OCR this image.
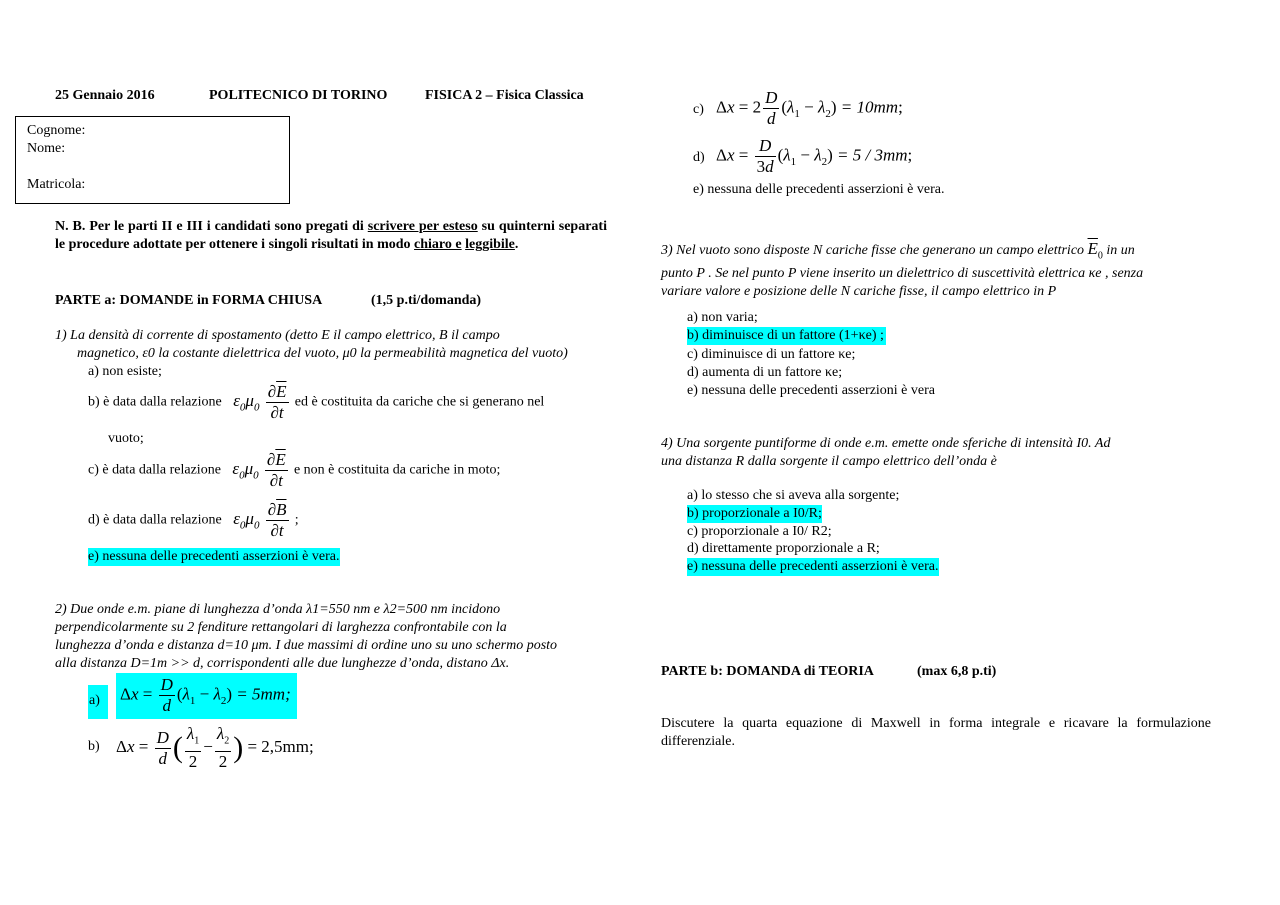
25 Gennaio 2016	POLITECNICO DI TORINO	FISICA 2 – Fisica Classica
Cognome:
Nome:
Matricola:
N. B. Per le parti II e III i candidati sono pregati di scrivere per esteso su quinterni separati le procedure adottate per ottenere i singoli risultati in modo chiaro e leggibile.
PARTE a: DOMANDE in FORMA CHIUSA	(1,5 p.ti/domanda)
1) La densità di corrente di spostamento (detto E il campo elettrico, B il campo
magnetico, ε0 la costante dielettrica del vuoto, μ0 la permeabilità magnetica del vuoto)
a) non esiste;
b) è data dalla relazione $\varepsilon_0\mu_0 \frac{\partial\overline{E}}{\partial t}$ ed è costituita da cariche che si generano nel
vuoto;
c) è data dalla relazione $\varepsilon_0\mu_0 \frac{\partial\overline{E}}{\partial t}$ e non è costituita da cariche in moto;
d) è data dalla relazione $\varepsilon_0\mu_0 \frac{\partial\overline{B}}{\partial t}$ ;
e) nessuna delle precedenti asserzioni è vera.
2) Due onde e.m. piane di lunghezza d’onda λ1=550 nm e λ2=500 nm incidono
perpendicolarmente su 2 fenditure rettangolari di larghezza confrontabile con la
lunghezza d’onda e distanza d=10 μm. I due massimi di ordine uno su uno schermo posto
alla distanza D=1m >> d, corrispondenti alle due lunghezze d’onda, distano Δx.
a) $\Delta x = \frac{D}{d} (\lambda_1 - \lambda_2) = 5mm$;
b) $\Delta x = \frac{D}{d}$ ( $\frac{\lambda_1}{2} - \frac{\lambda_2}{2}$ ) = 2,5mm;
c) $\Delta x = 2 \frac{D}{d} (\lambda_1 - \lambda_2) = 10mm$;
d) $\Delta x = \frac{D}{3d} (\lambda_1 - \lambda_2) = 5 / 3mm$;
e) nessuna delle precedenti asserzioni è vera.
3) Nel vuoto sono disposte N cariche fisse che generano un campo elettrico $\overline{E}_0$ in un
punto P . Se nel punto P viene inserito un dielettrico di suscettività elettrica κe , senza
variare valore e posizione delle N cariche fisse, il campo elettrico in P
a) non varia;
b) diminuisce di un fattore (1+κe) ;
c) diminuisce di un fattore κe;
d) aumenta di un fattore κe;
e) nessuna delle precedenti asserzioni è vera
4) Una sorgente puntiforme di onde e.m. emette onde sferiche di intensità I0. Ad
una distanza R dalla sorgente il campo elettrico dell’onda è
a) lo stesso che si aveva alla sorgente;
b) proporzionale a I0/R;
c) proporzionale a I0/ R2;
d) direttamente proporzionale a R;
e) nessuna delle precedenti asserzioni è vera.
PARTE b: DOMANDA di TEORIA	(max 6,8 p.ti)
Discutere la quarta equazione di Maxwell in forma integrale e ricavare la formulazione differenziale.
